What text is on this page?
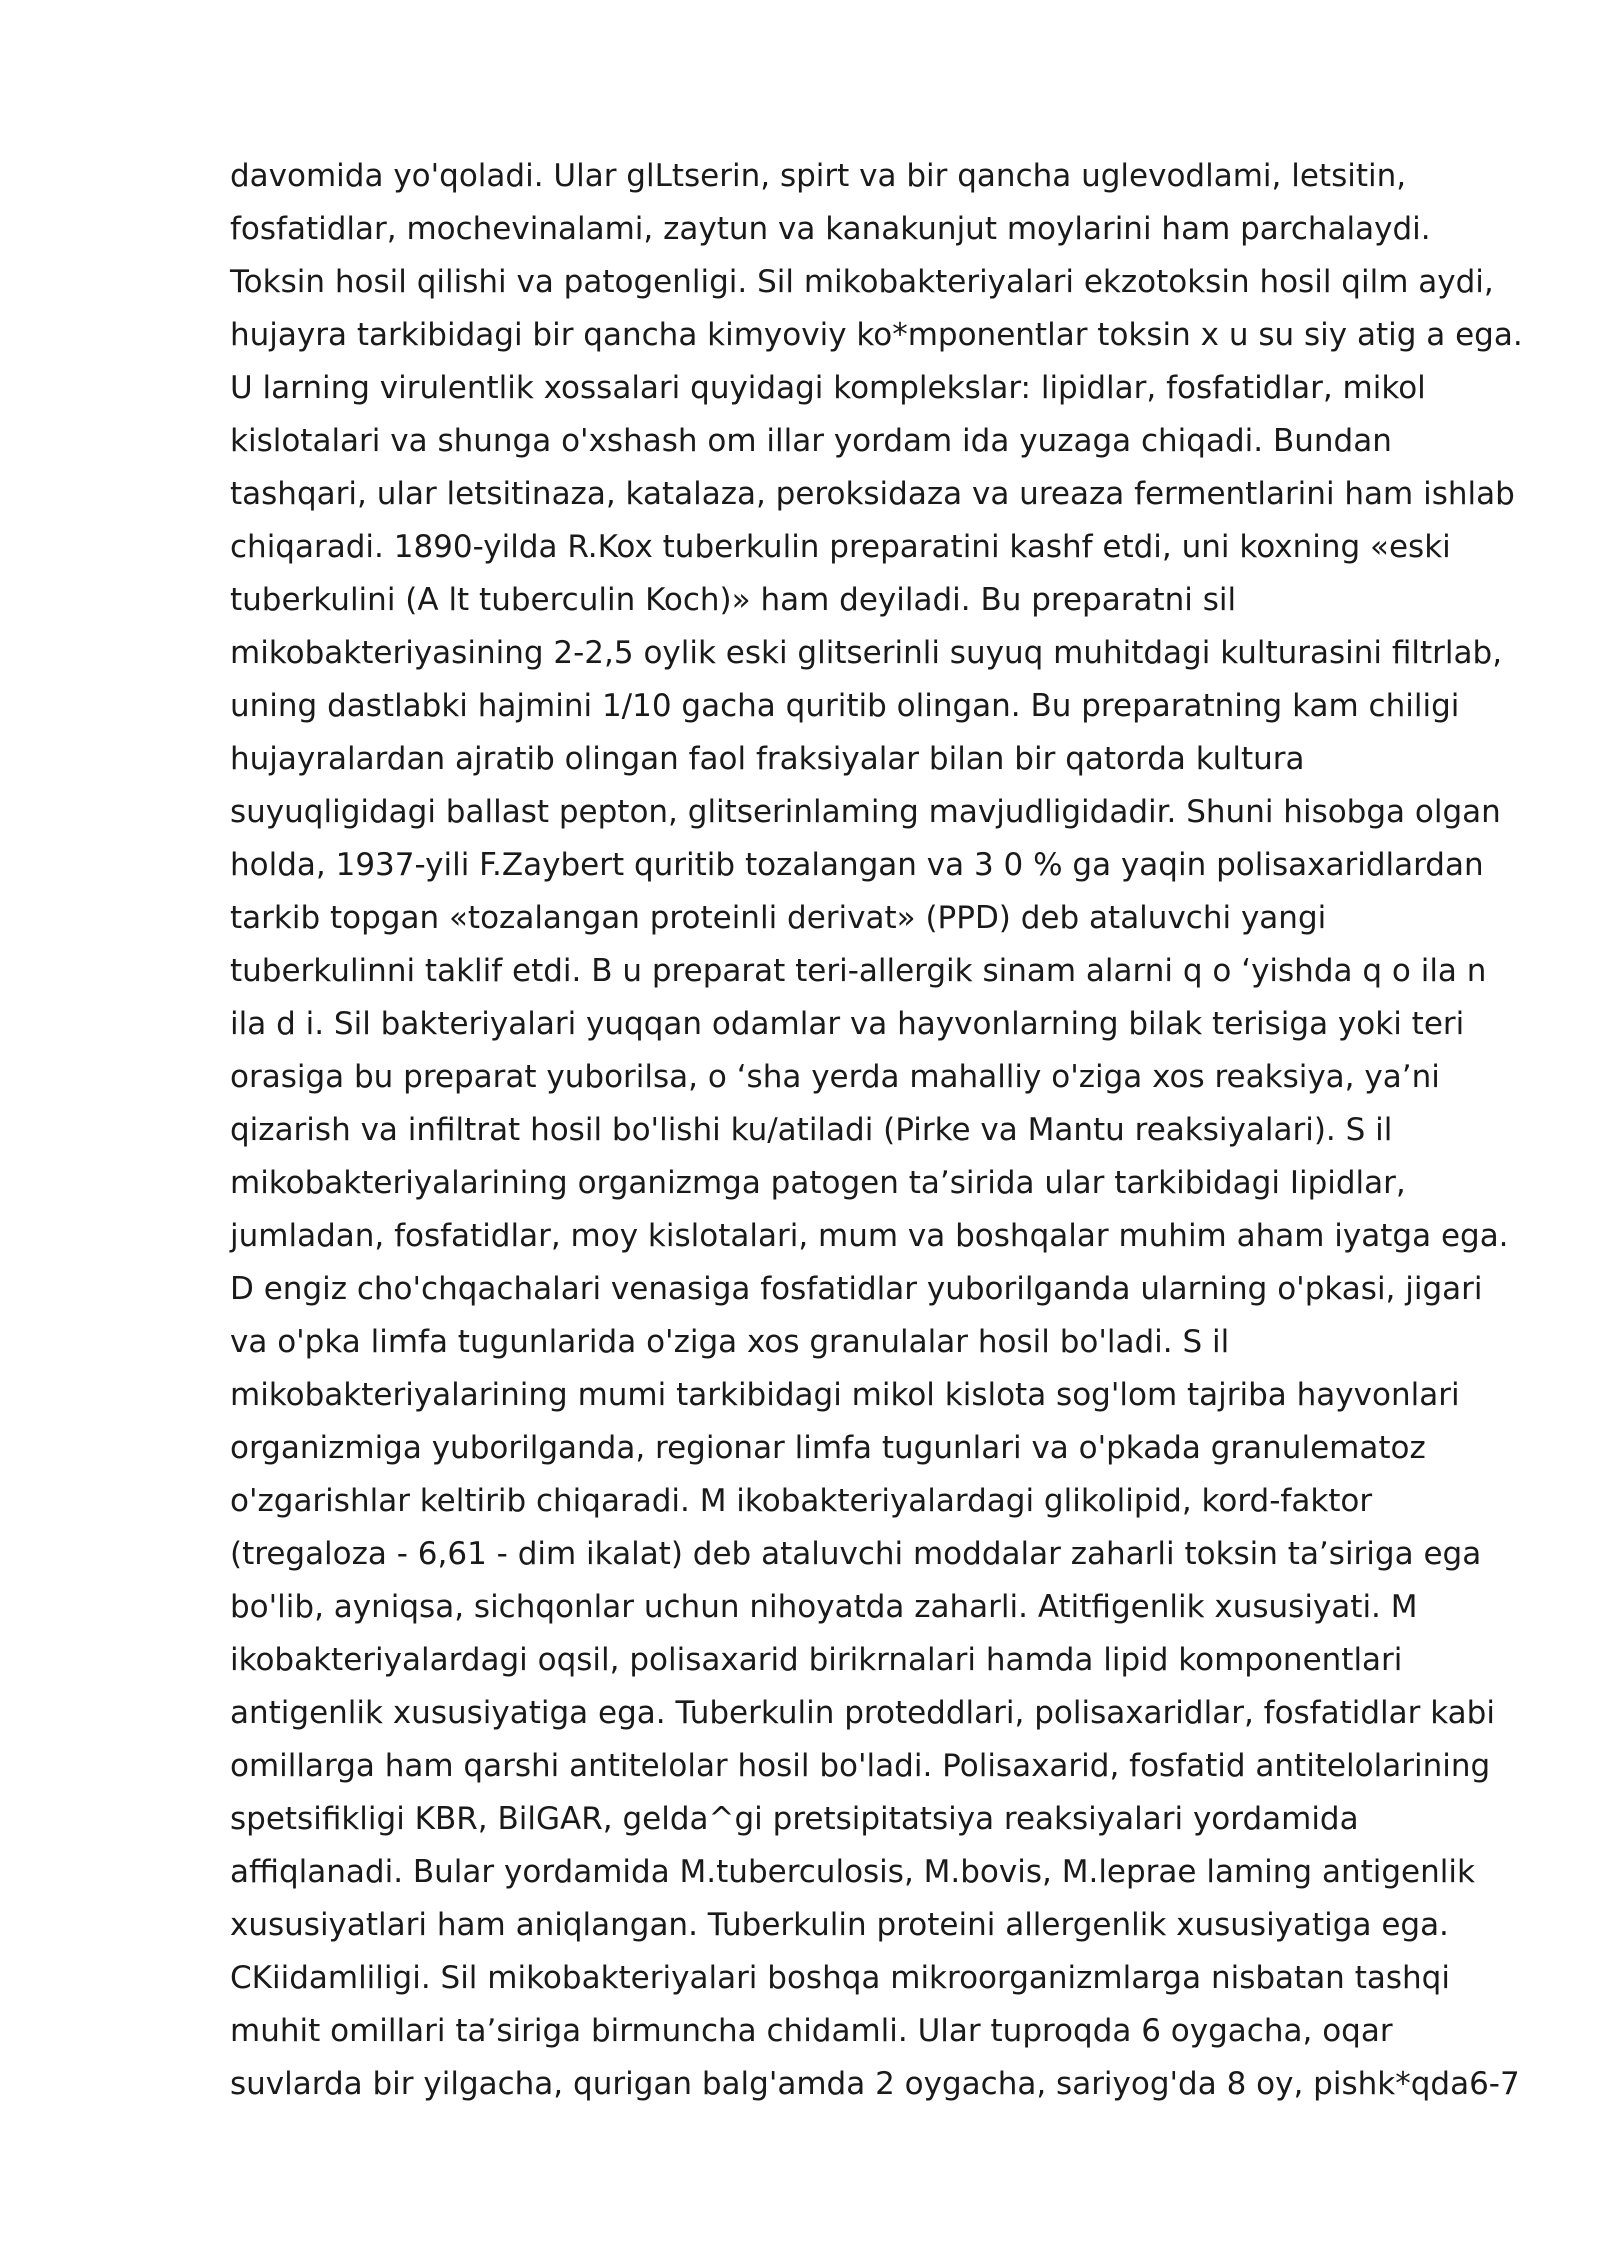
davomida yo'qoladi. Ular glLtserin, spirt va bir qancha uglevodlami, letsitin,
fosfatidlar, mochevinalami, zaytun va kanakunjut moylarini ham parchalaydi.
Toksin hosil qilishi va patogenligi. Sil mikobakteriyalari ekzotoksin hosil qilm aydi,
hujayra tarkibidagi bir qancha kimyoviy ko*mponentlar toksin x u su siy atig a ega.
U larning virulentlik xossalari quyidagi komplekslar: lipidlar, fosfatidlar, mikol
kislotalari va shunga o'xshash om illar yordam ida yuzaga chiqadi. Bundan
tashqari, ular letsitinaza, katalaza, peroksidaza va ureaza fermentlarini ham ishlab
chiqaradi. 1890-yilda R.Kox tuberkulin preparatini kashf etdi, uni koxning «eski
tuberkulini (A lt tuberculin Koch)» ham deyiladi. Bu preparatni sil
mikobakteriyasining 2-2,5 oylik eski glitserinli suyuq muhitdagi kulturasini filtrlab,
uning dastlabki hajmini 1/10 gacha quritib olingan. Bu preparatning kam chiligi
hujayralardan ajratib olingan faol fraksiyalar bilan bir qatorda kultura
suyuqligidagi ballast pepton, glitserinlaming mavjudligidadir. Shuni hisobga olgan
holda, 1937-yili F.Zaybert quritib tozalangan va 3 0 % ga yaqin polisaxaridlardan
tarkib topgan «tozalangan proteinli derivat» (PPD) deb ataluvchi yangi
tuberkulinni taklif etdi. B u preparat teri-allergik sinam alarni q o ‘yishda q o ila n
ila d i. Sil bakteriyalari yuqqan odamlar va hayvonlarning bilak terisiga yoki teri
orasiga bu preparat yuborilsa, o ‘sha yerda mahalliy o'ziga xos reaksiya, ya’ni
qizarish va infiltrat hosil bo'lishi ku/atiladi (Pirke va Mantu reaksiyalari). S il
mikobakteriyalarining organizmga patogen ta’sirida ular tarkibidagi Iipidlar,
jumladan, fosfatidlar, moy kislotalari, mum va boshqalar muhim aham iyatga ega.
D engiz cho'chqachalari venasiga fosfatidlar yuborilganda ularning o'pkasi, jigari
va o'pka limfa tugunlarida o'ziga xos granulalar hosil bo'ladi. S il
mikobakteriyalarining mumi tarkibidagi mikol kislota sog'lom tajriba hayvonlari
organizmiga yuborilganda, regionar limfa tugunlari va o'pkada granulematoz
o'zgarishlar keltirib chiqaradi. M ikobakteriyalardagi glikolipid, kord-faktor
(tregaloza - 6,61 - dim ikalat) deb ataluvchi moddalar zaharli toksin ta’siriga ega
bo'lib, ayniqsa, sichqonlar uchun nihoyatda zaharli. Atitfigenlik xususiyati. M
ikobakteriyalardagi oqsil, polisaxarid birikrnalari hamda lipid komponentlari
antigenlik xususiyatiga ega. Tuberkulin proteddlari, polisaxaridlar, fosfatidlar kabi
omillarga ham qarshi antitelolar hosil bo'ladi. Polisaxarid, fosfatid antitelolarining
spetsifikligi KBR, BilGAR, gelda^gi pretsipitatsiya reaksiyalari yordamida
affiqlanadi. Bular yordamida M.tuberculosis, M.bovis, M.leprae laming antigenlik
xususiyatlari ham aniqlangan. Tuberkulin proteini allergenlik xususiyatiga ega.
CKiidamliligi. Sil mikobakteriyalari boshqa mikroorganizmlarga nisbatan tashqi
muhit omillari ta’siriga birmuncha chidamli. Ular tuproqda 6 oygacha, oqar
suvlarda bir yilgacha, qurigan balg'amda 2 oygacha, sariyog'da 8 oy, pishk*qda6-7
